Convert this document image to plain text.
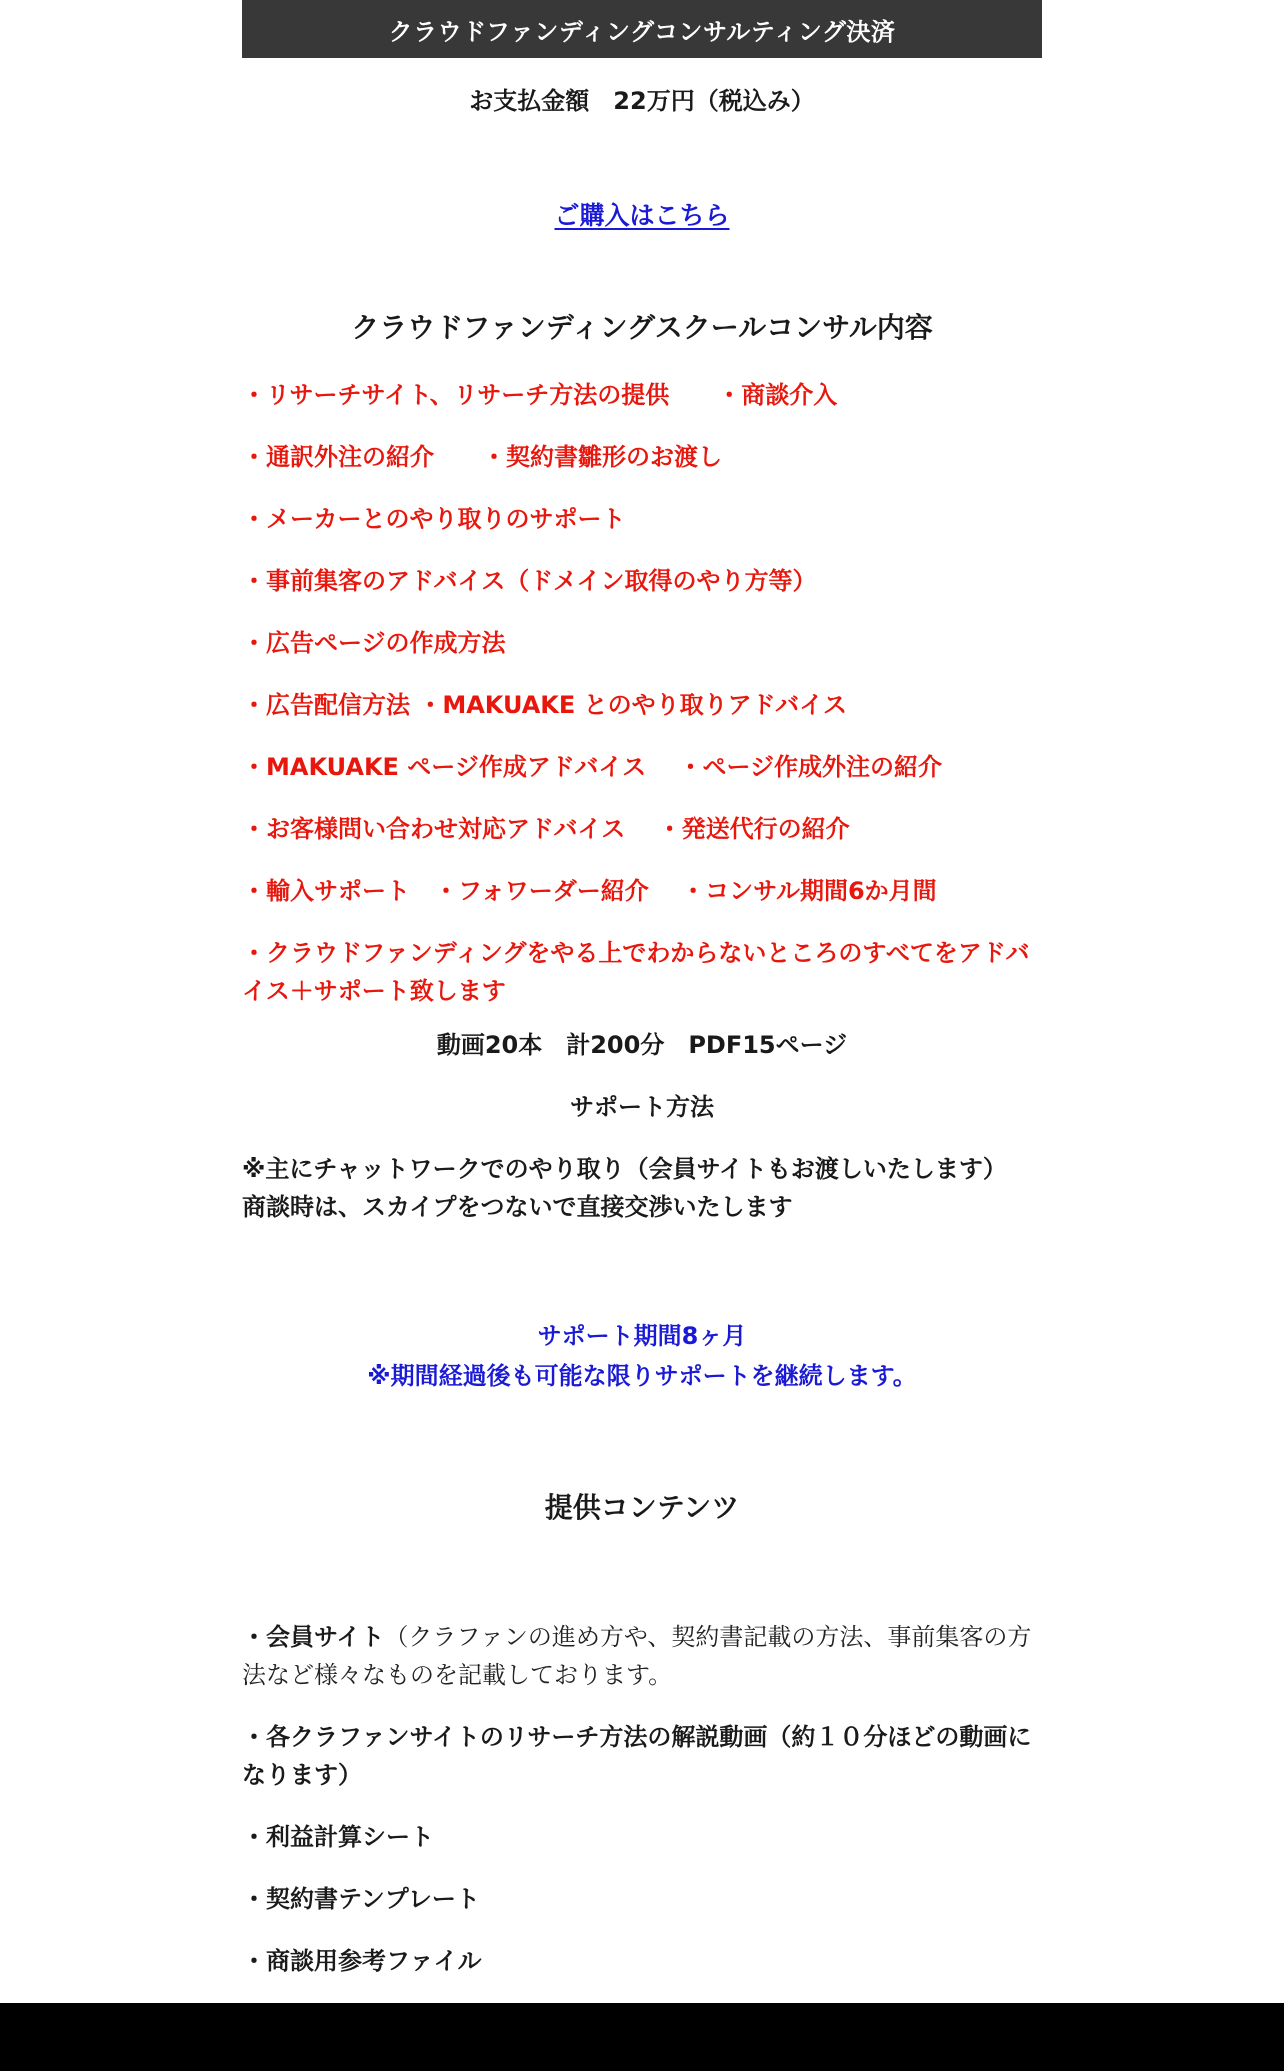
クラウドファンディングコンサルティング決済
お支払金額　22万円（税込み）
ご購入はこちら
クラウドファンディングスクールコンサル内容
・リサーチサイト、リサーチ方法の提供　　・商談介入
・通訳外注の紹介　　・契約書雛形のお渡し
・メーカーとのやり取りのサポート
・事前集客のアドバイス（ドメイン取得のやり方等）
・広告ページの作成方法
・広告配信方法 ・MAKUAKE とのやり取りアドバイス
・MAKUAKE ページ作成アドバイス　 ・ページ作成外注の紹介
・お客様問い合わせ対応アドバイス　 ・発送代行の紹介
・輸入サポート　・フォワーダー紹介　 ・コンサル期間6か月間
・クラウドファンディングをやる上でわからないところのすべてをアドバイス＋サポート致します
動画20本　計200分　PDF15ページ
サポート方法
※主にチャットワークでのやり取り（会員サイトもお渡しいたします）
商談時は、スカイプをつないで直接交渉いたします
サポート期間8ヶ月
※期間経過後も可能な限りサポートを継続します。
提供コンテンツ
・会員サイト（クラファンの進め方や、契約書記載の方法、事前集客の方法など様々なものを記載しております。
・各クラファンサイトのリサーチ方法の解説動画（約１０分ほどの動画になります）
・利益計算シート
・契約書テンプレート
・商談用参考ファイル
